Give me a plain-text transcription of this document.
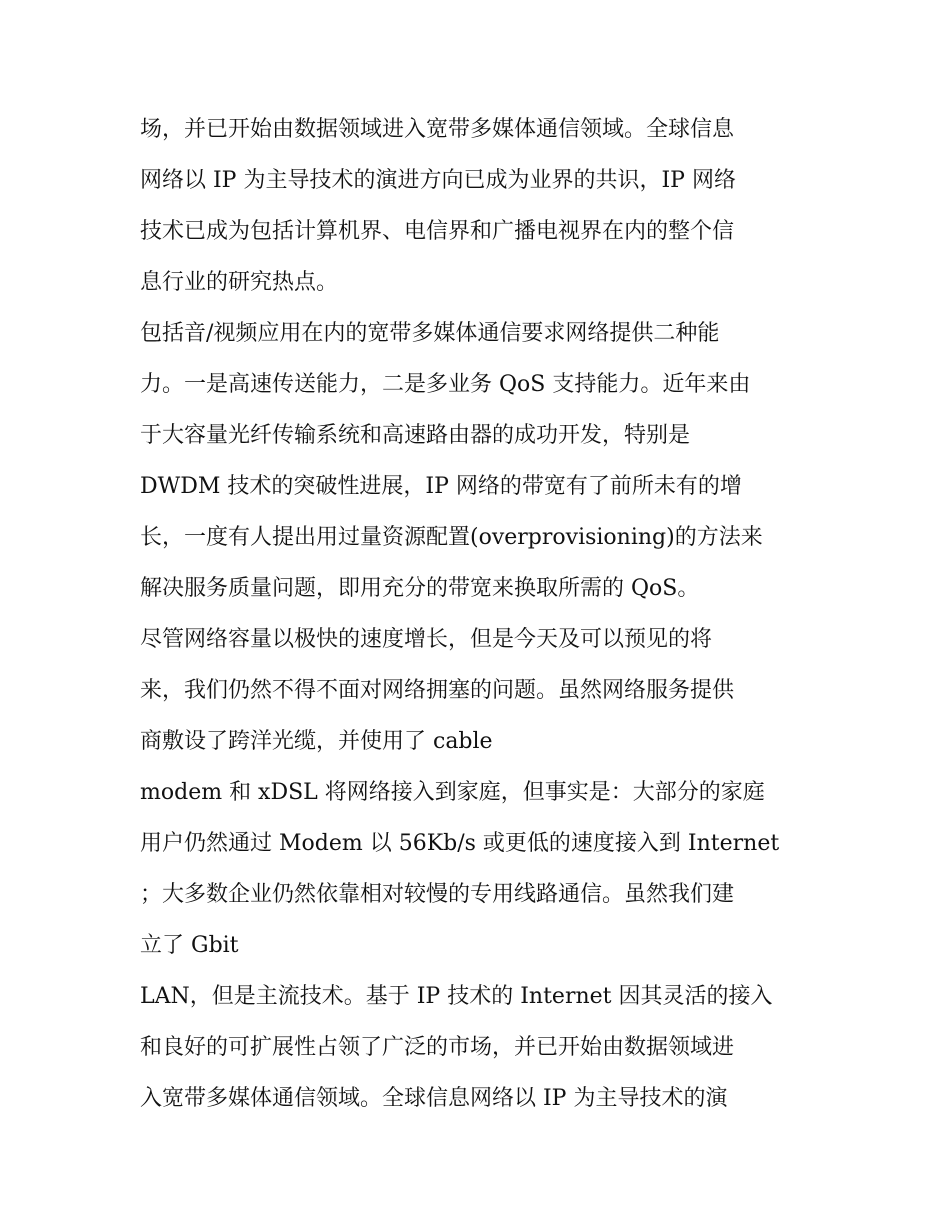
场，并已开始由数据领域进入宽带多媒体通信领域。全球信息
网络以 IP 为主导技术的演进方向已成为业界的共识，IP 网络
技术已成为包括计算机界、电信界和广播电视界在内的整个信
息行业的研究热点。
包括音/视频应用在内的宽带多媒体通信要求网络提供二种能
力。一是高速传送能力，二是多业务 QoS 支持能力。近年来由
于大容量光纤传输系统和高速路由器的成功开发，特别是
DWDM 技术的突破性进展，IP 网络的带宽有了前所未有的增
长，一度有人提出用过量资源配置(overprovisioning)的方法来
解决服务质量问题，即用充分的带宽来换取所需的 QoS。
尽管网络容量以极快的速度增长，但是今天及可以预见的将
来，我们仍然不得不面对网络拥塞的问题。虽然网络服务提供
商敷设了跨洋光缆，并使用了 cable
modem 和 xDSL 将网络接入到家庭，但事实是：大部分的家庭
用户仍然通过 Modem 以 56Kb/s 或更低的速度接入到 Internet
；大多数企业仍然依靠相对较慢的专用线路通信。虽然我们建
立了 Gbit
LAN，但是主流技术。基于 IP 技术的 Internet 因其灵活的接入
和良好的可扩展性占领了广泛的市场，并已开始由数据领域进
入宽带多媒体通信领域。全球信息网络以 IP 为主导技术的演
